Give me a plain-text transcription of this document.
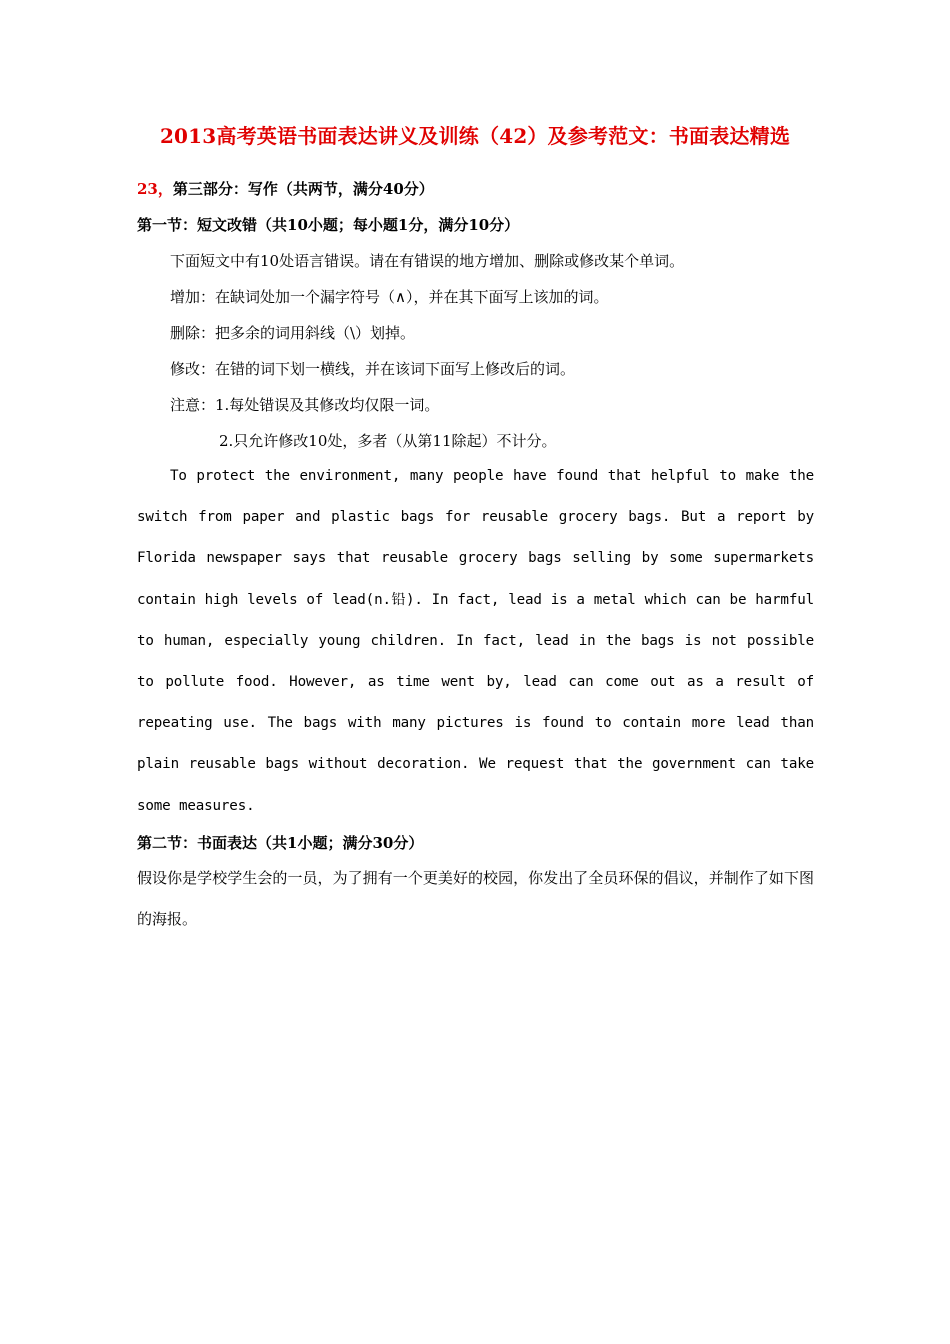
2013高考英语书面表达讲义及训练（42）及参考范文：书面表达精选
23，第三部分：写作（共两节，满分40分）
第一节：短文改错（共10小题；每小题1分，满分10分）
下面短文中有10处语言错误。请在有错误的地方增加、删除或修改某个单词。
增加：在缺词处加一个漏字符号（∧），并在其下面写上该加的词。
删除：把多余的词用斜线（\）划掉。
修改：在错的词下划一横线，并在该词下面写上修改后的词。
注意：1.每处错误及其修改均仅限一词。
2.只允许修改10处，多者（从第11除起）不计分。
To protect the environment, many people have found that helpful to make the switch from paper and plastic bags for reusable grocery bags. But a report by Florida newspaper says that reusable grocery bags selling by some supermarkets contain high levels of lead(n.铅). In fact, lead is a metal which can be harmful to human, especially young children. In fact, lead in the bags is not possible to pollute food. However, as time went by, lead can come out as a result of repeating use. The bags with many pictures is found to contain more lead than plain reusable bags without decoration. We request that the government can take some measures.
第二节：书面表达（共1小题；满分30分）
假设你是学校学生会的一员，为了拥有一个更美好的校园，你发出了全员环保的倡议，并制作了如下图的海报。
